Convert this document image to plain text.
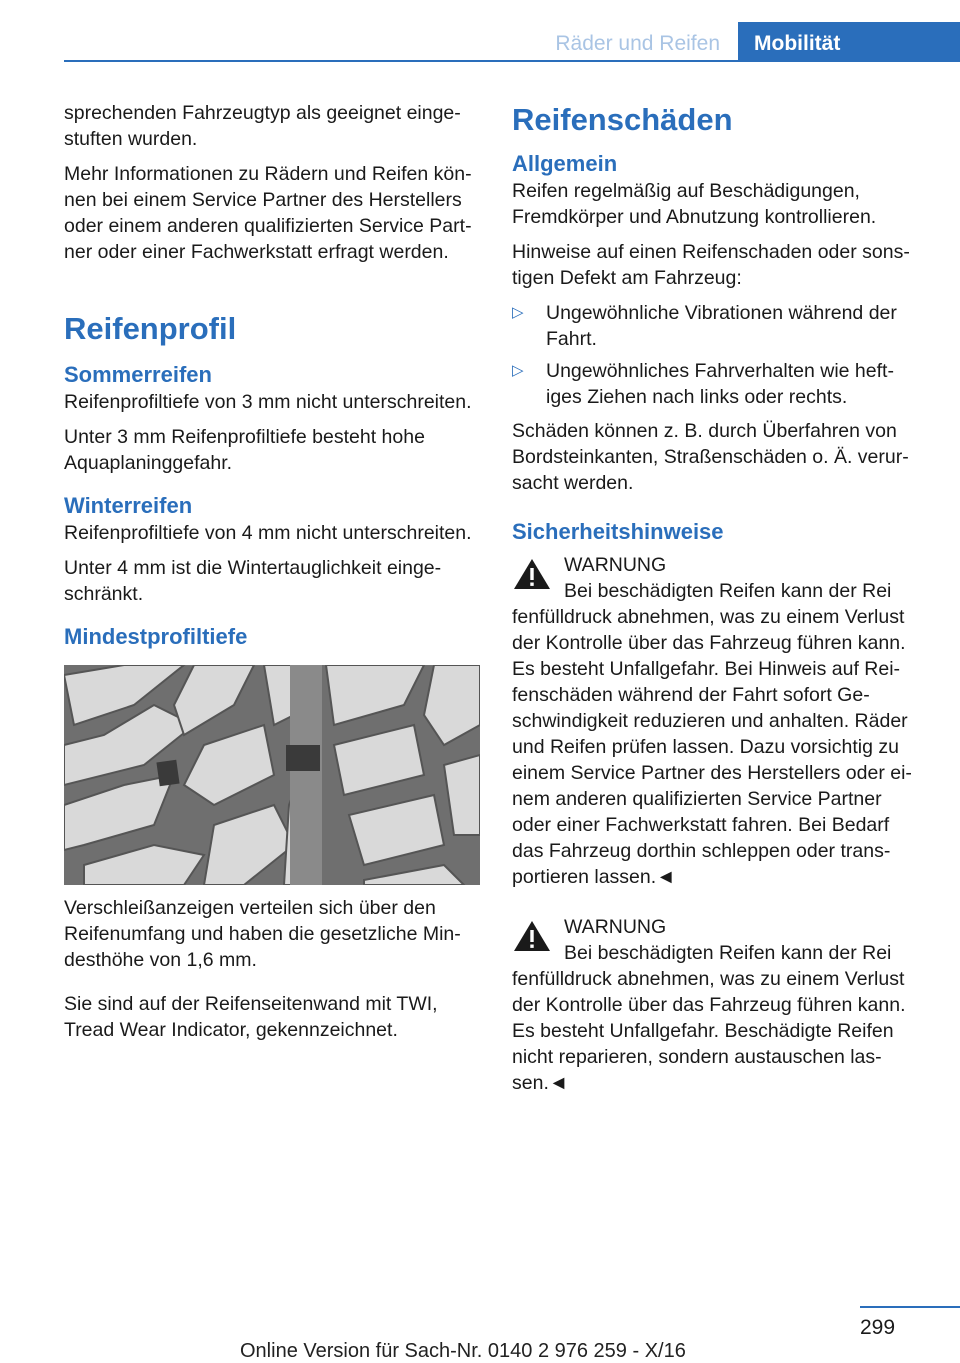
Räder und Reifen	Mobilität

sprechenden Fahrzeugtyp als geeignet eingestuften wurden.

Mehr Informationen zu Rädern und Reifen können bei einem Service Partner des Herstellers oder einem anderen qualifizierten Service Partner oder einer Fachwerkstatt erfragt werden.

Reifenprofil
Sommerreifen

Reifenprofiltiefe von 3 mm nicht unterschreiten.

Unter 3 mm Reifenprofiltiefe besteht hohe Aquaplaninggefahr.

Winterreifen

Reifenprofiltiefe von 4 mm nicht unterschreiten.

Unter 4 mm ist die Wintertauglichkeit eingeschränkt.

Mindestprofiltiefe

Verschleißanzeigen verteilen sich über den Reifenumfang und haben die gesetzliche Mindesthöhe von 1,6 mm.

Sie sind auf der Reifenseitenwand mit TWI, Tread Wear Indicator, gekennzeichnet.

Reifenschäden
Allgemein

Reifen regelmäßig auf Beschädigungen, Fremdkörper und Abnutzung kontrollieren.

Hinweise auf einen Reifenschaden oder sonstigen Defekt am Fahrzeug:

▷ Ungewöhnliche Vibrationen während der Fahrt.
▷ Ungewöhnliches Fahrverhalten wie heftiges Ziehen nach links oder rechts.

Schäden können z. B. durch Überfahren von Bordsteinkanten, Straßenschäden o. Ä. verursacht werden.

Sicherheitshinweise
WARNUNG

Bei beschädigten Reifen kann der Rei
fenfülldruck abnehmen, was zu einem Verlust der Kontrolle über das Fahrzeug führen kann. Es besteht Unfallgefahr. Bei Hinweis auf Reifenschäden während der Fahrt sofort Geschwindigkeit reduzieren und anhalten. Räder und Reifen prüfen lassen. Dazu vorsichtig zu einem Service Partner des Herstellers oder einem anderen qualifizierten Service Partner oder einer Fachwerkstatt fahren. Bei Bedarf das Fahrzeug dorthin schleppen oder transportieren lassen.◄

WARNUNG

Bei beschädigten Reifen kann der Rei
fenfülldruck abnehmen, was zu einem Verlust der Kontrolle über das Fahrzeug führen kann. Es besteht Unfallgefahr. Beschädigte Reifen nicht reparieren, sondern austauschen lassen.◄

299
Online Version für Sach-Nr. 0140 2 976 259 - X/16
